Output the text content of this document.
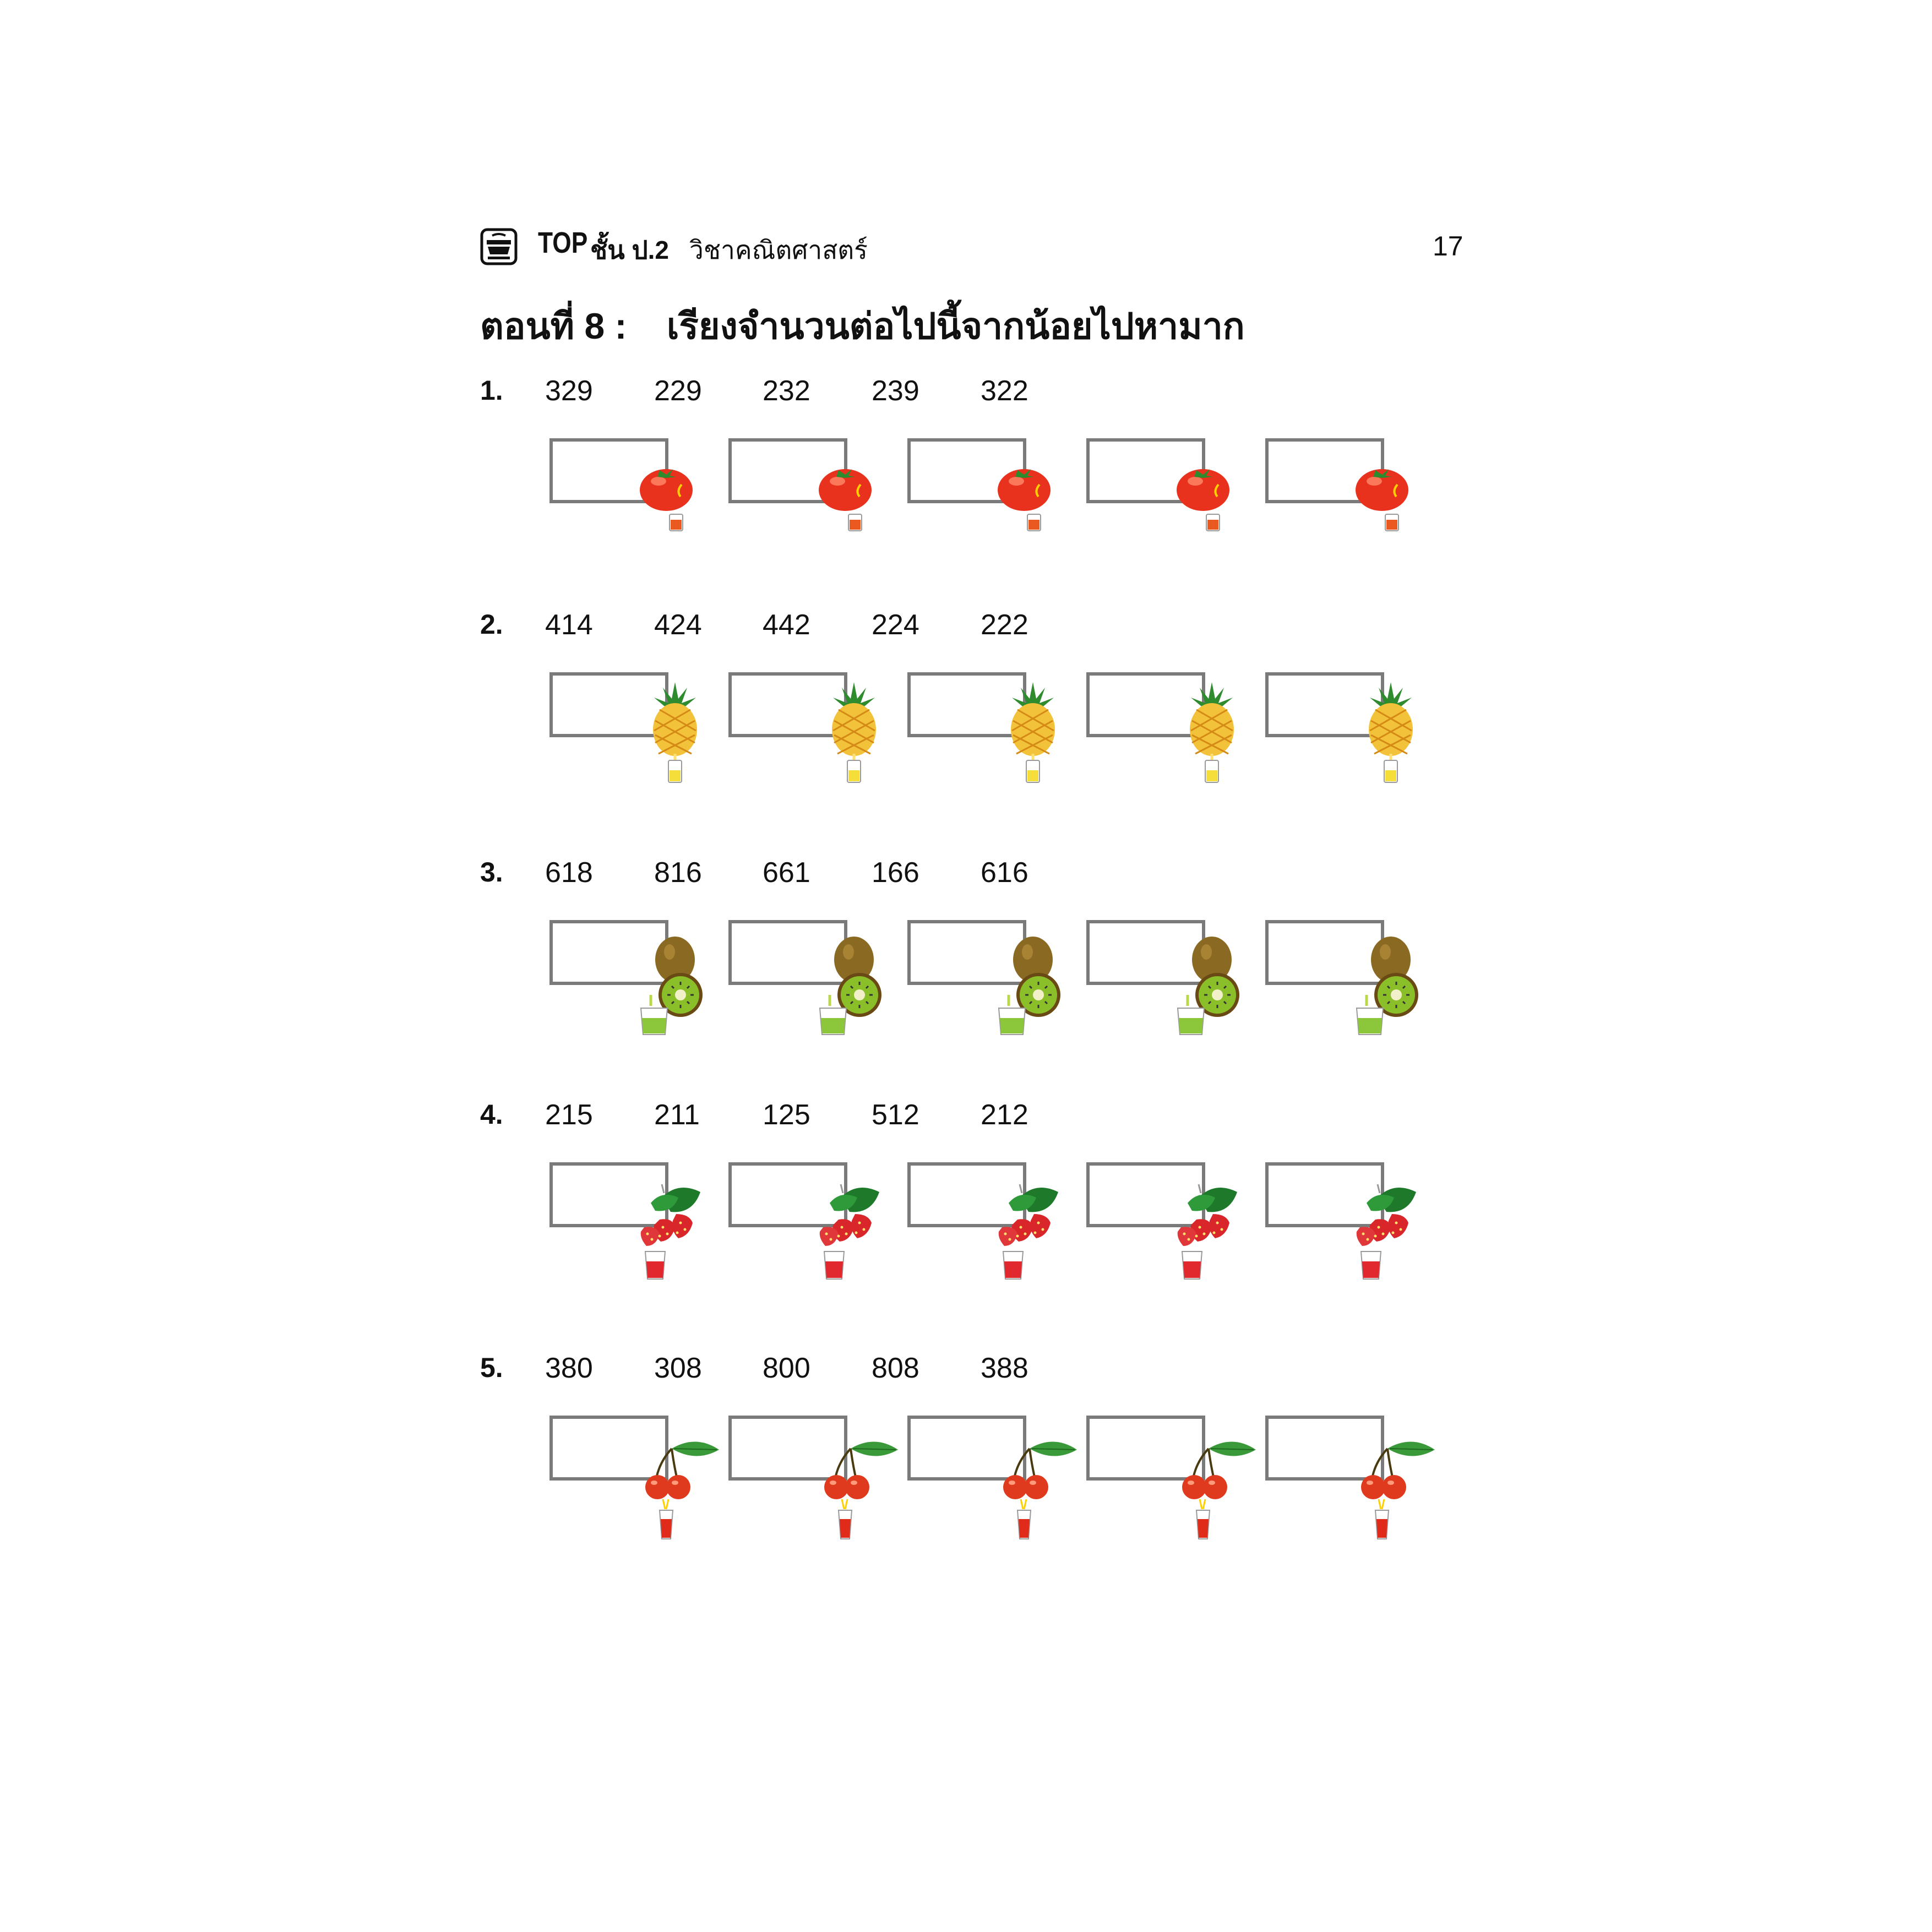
TOP ชั้น ป.2 วิชาคณิตศาสตร์	17
ตอนที่ 8 : เรียงจำนวนต่อไปนี้จากน้อยไปหามาก
1. 329 229 232 239 322
2. 414 424 442 224 222
3. 618 816 661 166 616
4. 215 211 125 512 212
5. 380 308 800 808 388
